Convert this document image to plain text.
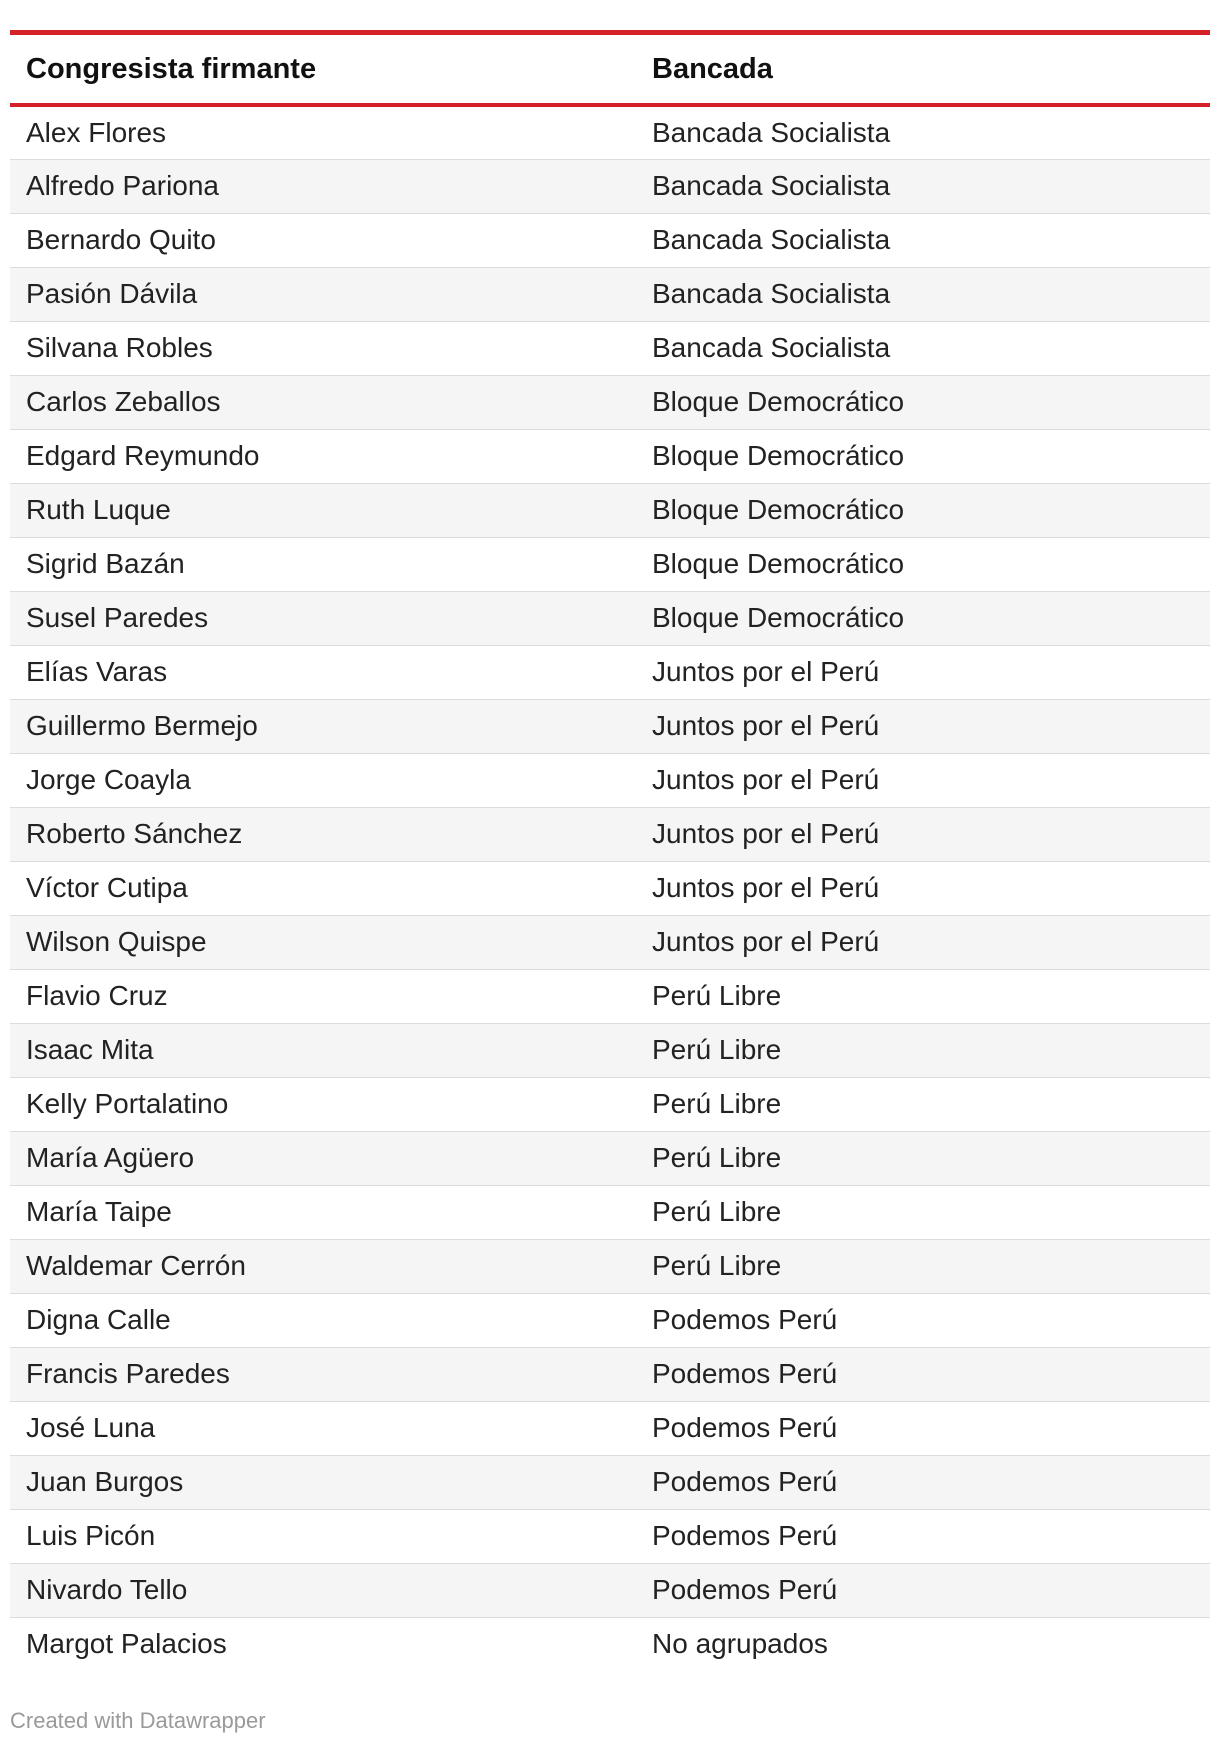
Congresista firmante	Bancada
Alex Flores	Bancada Socialista
Alfredo Pariona	Bancada Socialista
Bernardo Quito	Bancada Socialista
Pasión Dávila	Bancada Socialista
Silvana Robles	Bancada Socialista
Carlos Zeballos	Bloque Democrático
Edgard Reymundo	Bloque Democrático
Ruth Luque	Bloque Democrático
Sigrid Bazán	Bloque Democrático
Susel Paredes	Bloque Democrático
Elías Varas	Juntos por el Perú
Guillermo Bermejo	Juntos por el Perú
Jorge Coayla	Juntos por el Perú
Roberto Sánchez	Juntos por el Perú
Víctor Cutipa	Juntos por el Perú
Wilson Quispe	Juntos por el Perú
Flavio Cruz	Perú Libre
Isaac Mita	Perú Libre
Kelly Portalatino	Perú Libre
María Agüero	Perú Libre
María Taipe	Perú Libre
Waldemar Cerrón	Perú Libre
Digna Calle	Podemos Perú
Francis Paredes	Podemos Perú
José Luna	Podemos Perú
Juan Burgos	Podemos Perú
Luis Picón	Podemos Perú
Nivardo Tello	Podemos Perú
Margot Palacios	No agrupados
Created with Datawrapper
